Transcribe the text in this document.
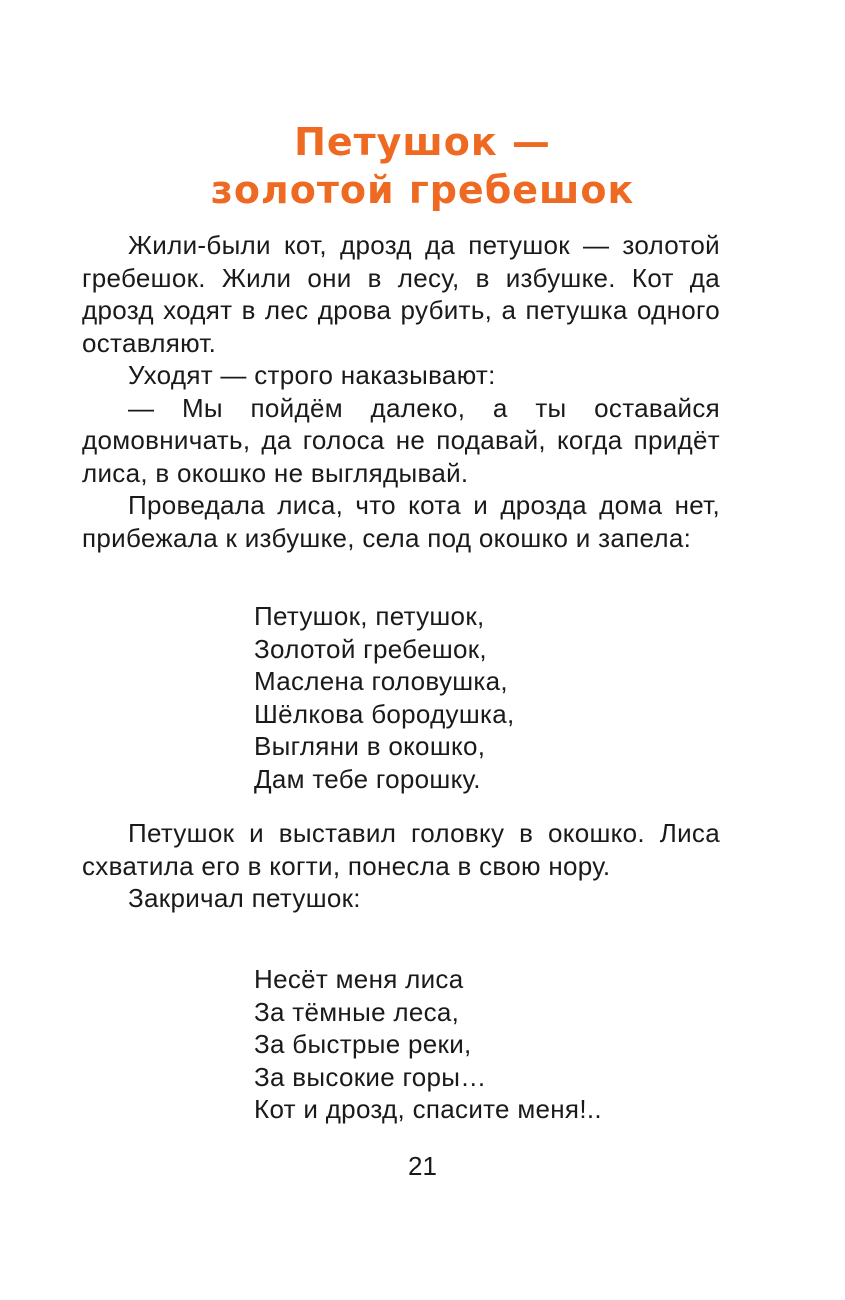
Петушок —
золотой гребешок

Жили-были кот, дрозд да петушок — золотой гребешок. Жили они в лесу, в избушке. Кот да дрозд ходят в лес дрова рубить, а петушка одного оставляют.

Уходят — строго наказывают:

— Мы пойдём далеко, а ты оставайся домовничать, да голоса не подавай, когда придёт лиса, в окошко не выглядывай.

Проведала лиса, что кота и дрозда дома нет, прибежала к избушке, села под окошко и запела:

Петушок, петушок,
Золотой гребешок,
Маслена головушка,
Шёлкова бородушка,
Выгляни в окошко,
Дам тебе горошку.

Петушок и выставил головку в окошко. Лиса схватила его в когти, понесла в свою нору.

Закричал петушок:

Несёт меня лиса
За тёмные леса,
За быстрые реки,
За высокие горы…
Кот и дрозд, спасите меня!..
21
